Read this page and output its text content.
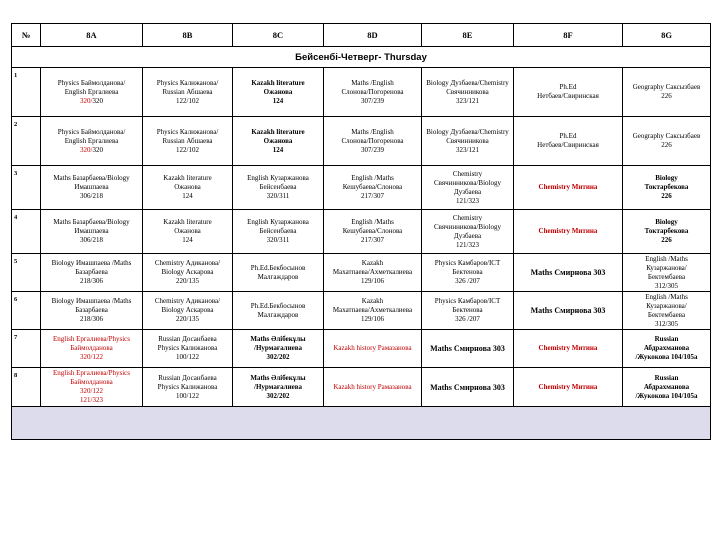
№	8A	8B	8C	8D	8E	8F	8G
Бейсенбі-Четверг- Thursday							
1	Physics Баймолданова/
English Ергалиева
320/320	Physics Калижанова/
Russian Абшаева
122/102	Kazakh literature
Ожанова
124	Maths /English
Слонова/Погоренова
307/239	Biology Дузбаева/Chemistry
Свячинникова
323/121	Ph.Ed
Нетбаев/Свиринская	Geography Саксызбаев
226
2	Physics Баймолданова/
English Ергалиева
320/320	Physics Калижанова/
Russian Абшаева
122/102	Kazakh literature
Ожанова
124	Maths /English
Слонова/Погоренова
307/239	Biology Дузбаева/Chemistry
Свячинникова
323/121	Ph.Ed
Нетбаев/Свиринская	Geography Саксызбаев
226
3	Maths Базарбаева/Biology
Имашпаева
306/218	Kazakh literature
Ожанова
124	English Кузаржанова
Бейсенбаева
320/311	English /Maths
Кешубаева/Слонова
217/307	Chemistry
Свячинникова/Biology
Дузбаева
121/323	Chemistry Митина	Biology
Токтарбекова
226
4	Maths Базарбаева/Biology
Имашпаева
306/218	Kazakh literature
Ожанова
124	English Кузаржанова
Бейсенбаева
320/311	English /Maths
Кешубаева/Слонова
217/307	Chemistry
Свячинникова/Biology
Дузбаева
121/323	Chemistry Митина	Biology
Токтарбекова
226
5	Biology Имашпаева /Maths
Базарбаева
218/306	Chemistry Адиканова/
Biology Аскарова
220/135	Ph.Ed.Бекбосынов
Малгаждаров	Kazakh
Махатпаева/Ахметкалиева
129/106	Physics Камбаров/ICT
Бектенова
326 /207	Maths Смирнова 303	English /Maths
Кузаржанова/
Бектембаева
312/305
6	Biology Имашпаева /Maths
Базарбаева
218/306	Chemistry Адиканова/
Biology Аскарова
220/135	Ph.Ed.Бекбосынов
Малгаждаров	Kazakh
Махатпаева/Ахметкалиева
129/106	Physics Камбаров/ICT
Бектенова
326 /207	Maths Смирнова 303	English /Maths
Кузаржанова/
Бектембаева
312/305
7	English Ергалиева/Physics
Баймолданова
320/122	Russian Досанбаева
Physics Калижанова
100/122	Maths Әлібекұлы
/Нурмағалиева
302/202	Kazakh history Рамазанова	Maths Смирнова 303	Chemistry Митина	Russian
Абдрахманова
/Жукокова 104/105а
8	English Ергалиева/Physics
Баймолданова
320/122
121/323	Russian Досанбаева
Physics Калижанова
100/122	Maths Әлібекұлы
/Нурмағалиева
302/202	Kazakh history Рамазанова	Maths Смирнова 303	Chemistry Митина	Russian
Абдрахманова
/Жукокова 104/105а
